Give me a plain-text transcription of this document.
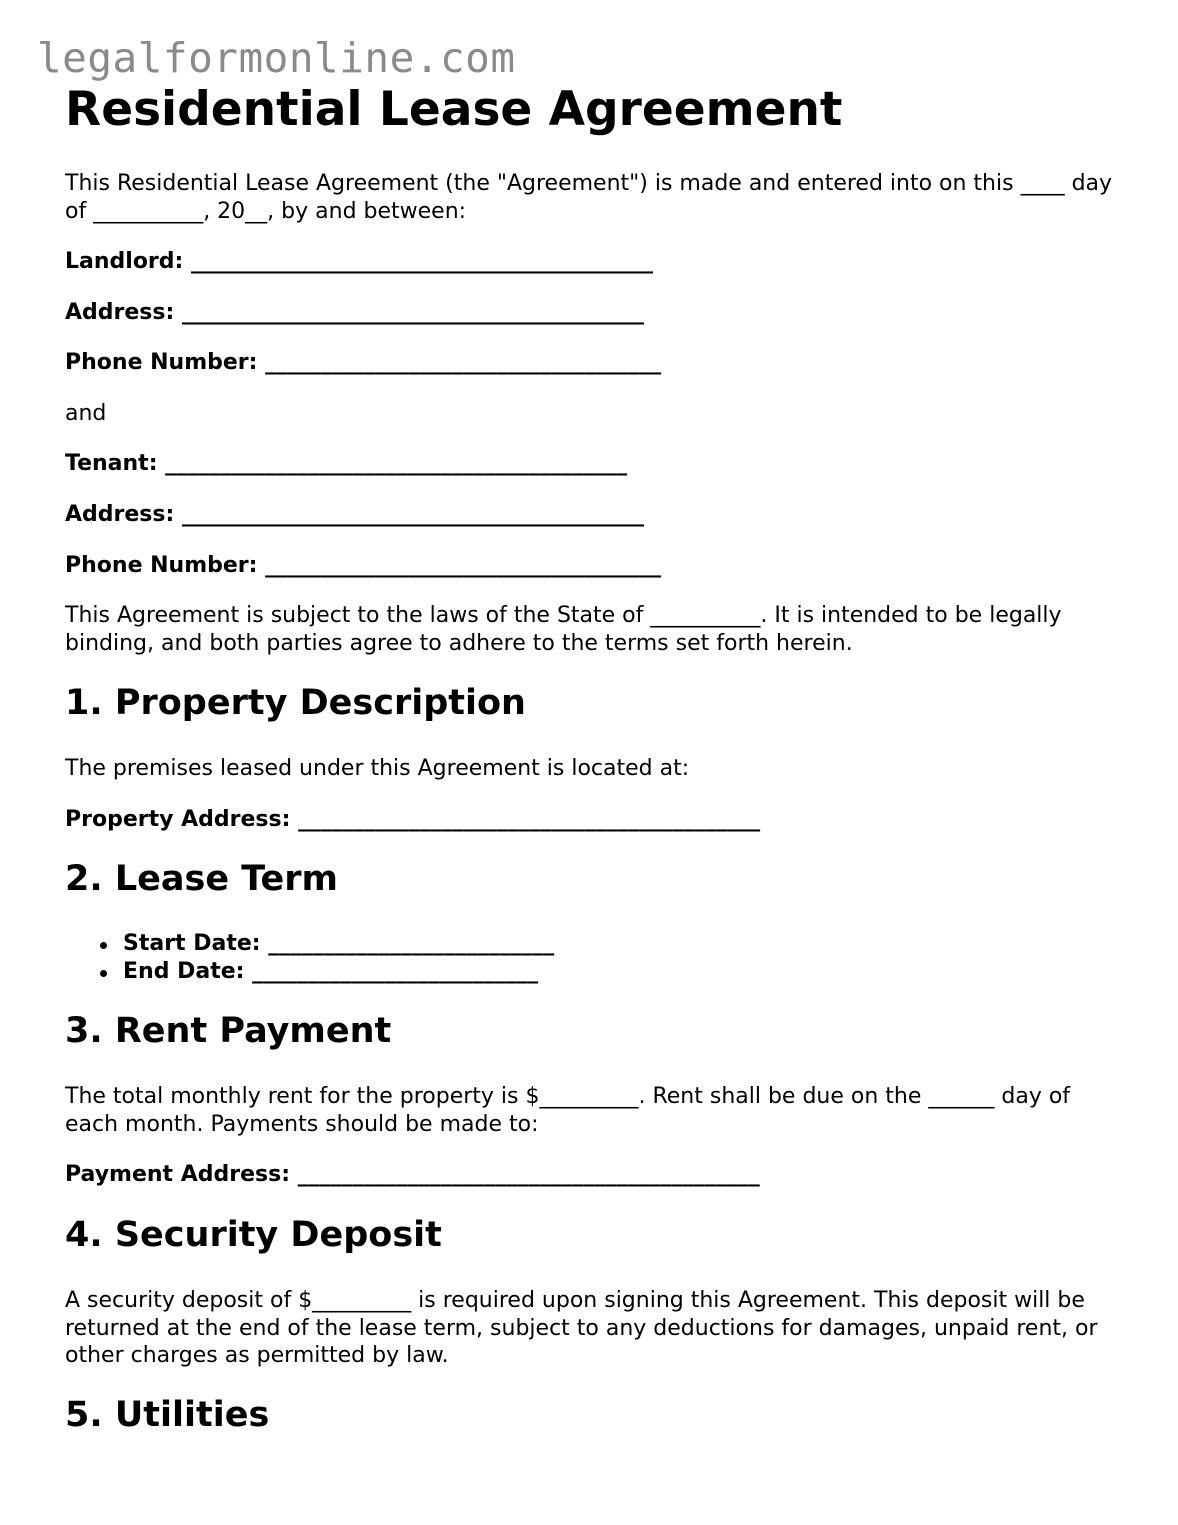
legalformonline.com
Residential Lease Agreement

This Residential Lease Agreement (the "Agreement") is made and entered into on this ____ day of __________, 20__, by and between:

Landlord: __________________________________________
Address: __________________________________________
Phone Number: ____________________________________

and

Tenant: __________________________________________
Address: __________________________________________
Phone Number: ____________________________________

This Agreement is subject to the laws of the State of __________. It is intended to be legally binding, and both parties agree to adhere to the terms set forth herein.

1. Property Description

The premises leased under this Agreement is located at:

Property Address: __________________________________________
2. Lease Term
Start Date: __________________________
End Date: __________________________
3. Rent Payment

The total monthly rent for the property is $_________. Rent shall be due on the ______ day of each month. Payments should be made to:

Payment Address: __________________________________________
4. Security Deposit

A security deposit of $_________ is required upon signing this Agreement. This deposit will be returned at the end of the lease term, subject to any deductions for damages, unpaid rent, or other charges as permitted by law.

5. Utilities
